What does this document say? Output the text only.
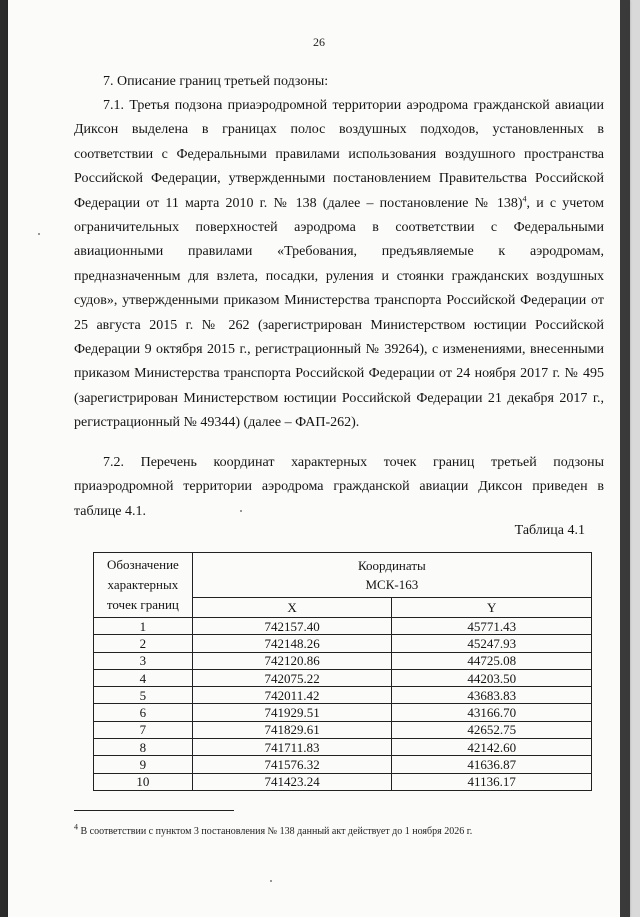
26
7. Описание границ третьей подзоны:

7.1. Третья подзона приаэродромной территории аэродрома гражданской авиации Диксон выделена в границах полос воздушных подходов, установленных в соответствии с Федеральными правилами использования воздушного пространства Российской Федерации, утвержденными постановлением Правительства Российской Федерации от 11 марта 2010 г. № 138 (далее – постановление № 138)$^4$, и с учетом ограничительных поверхностей аэродрома в соответствии с Федеральными авиационными правилами «Требования, предъявляемые к аэродромам, предназначенным для взлета, посадки, руления и стоянки гражданских воздушных судов», утвержденными приказом Министерства транспорта Российской Федерации от 25 августа 2015 г. № 262 (зарегистрирован Министерством юстиции Российской Федерации 9 октября 2015 г., регистрационный № 39264), с изменениями, внесенными приказом Министерства транспорта Российской Федерации от 24 ноября 2017 г. № 495 (зарегистрирован Министерством юстиции Российской Федерации 21 декабря 2017 г., регистрационный № 49344) (далее – ФАП-262).

7.2. Перечень координат характерных точек границ третьей подзоны приаэродромной территории аэродрома гражданской авиации Диксон приведен в таблице 4.1.

Таблица 4.1
Обозначение характерных точек границ	Координаты
МСК-163	

	X	Y
1	742157.40	45771.43
2	742148.26	45247.93
3	742120.86	44725.08
4	742075.22	44203.50
5	742011.42	43683.83
6	741929.51	43166.70
7	741829.61	42652.75
8	741711.83	42142.60
9	741576.32	41636.87
10	741423.24	41136.17
$^4$ В соответствии с пунктом 3 постановления № 138 данный акт действует до 1 ноября 2026 г.
